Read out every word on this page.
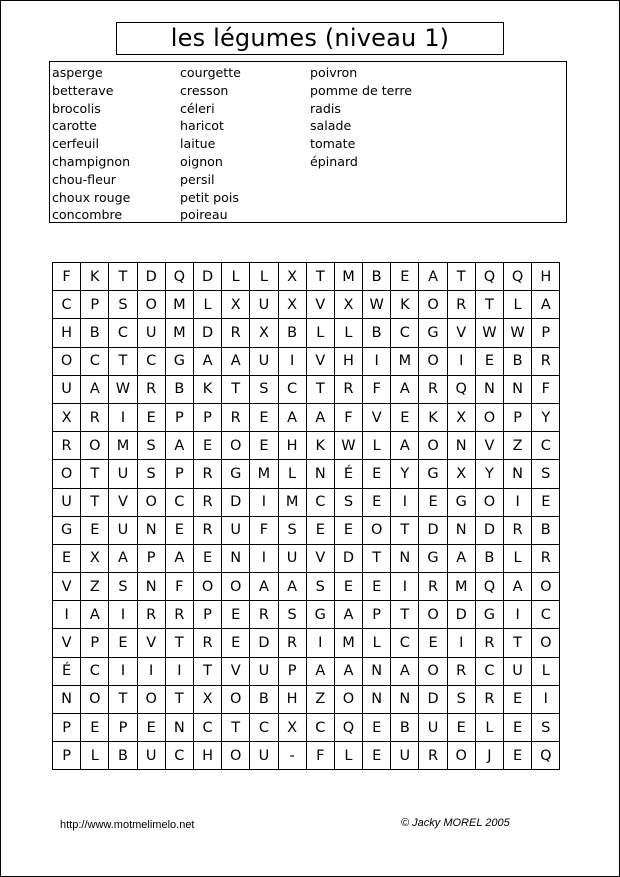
les légumes (niveau 1)
asperge
betterave
brocolis
carotte
cerfeuil
champignon
chou-fleur
choux rouge
concombre
courgette
cresson
céleri
haricot
laitue
oignon
persil
petit pois
poireau
poivron
pomme de terre
radis
salade
tomate
épinard
F	K	T	D	Q	D	L	L	X	T	M	B	E	A	T	Q	Q	H
C	P	S	O	M	L	X	U	X	V	X	W	K	O	R	T	L	A
H	B	C	U	M	D	R	X	B	L	L	B	C	G	V	W	W	P
O	C	T	C	G	A	A	U	I	V	H	I	M	O	I	E	B	R
U	A	W	R	B	K	T	S	C	T	R	F	A	R	Q	N	N	F
X	R	I	E	P	P	R	E	A	A	F	V	E	K	X	O	P	Y
R	O	M	S	A	E	O	E	H	K	W	L	A	O	N	V	Z	C
O	T	U	S	P	R	G	M	L	N	É	E	Y	G	X	Y	N	S
U	T	V	O	C	R	D	I	M	C	S	E	I	E	G	O	I	E
G	E	U	N	E	R	U	F	S	E	E	O	T	D	N	D	R	B
E	X	A	P	A	E	N	I	U	V	D	T	N	G	A	B	L	R
V	Z	S	N	F	O	O	A	A	S	E	E	I	R	M	Q	A	O
I	A	I	R	R	P	E	R	S	G	A	P	T	O	D	G	I	C
V	P	E	V	T	R	E	D	R	I	M	L	C	E	I	R	T	O
É	C	I	I	I	T	V	U	P	A	A	N	A	O	R	C	U	L
N	O	T	O	T	X	O	B	H	Z	O	N	N	D	S	R	E	I
P	E	P	E	N	C	T	C	X	C	Q	E	B	U	E	L	E	S
P	L	B	U	C	H	O	U	-	F	L	E	U	R	O	J	E	Q
http://www.motmelimelo.net	© Jacky MOREL 2005
